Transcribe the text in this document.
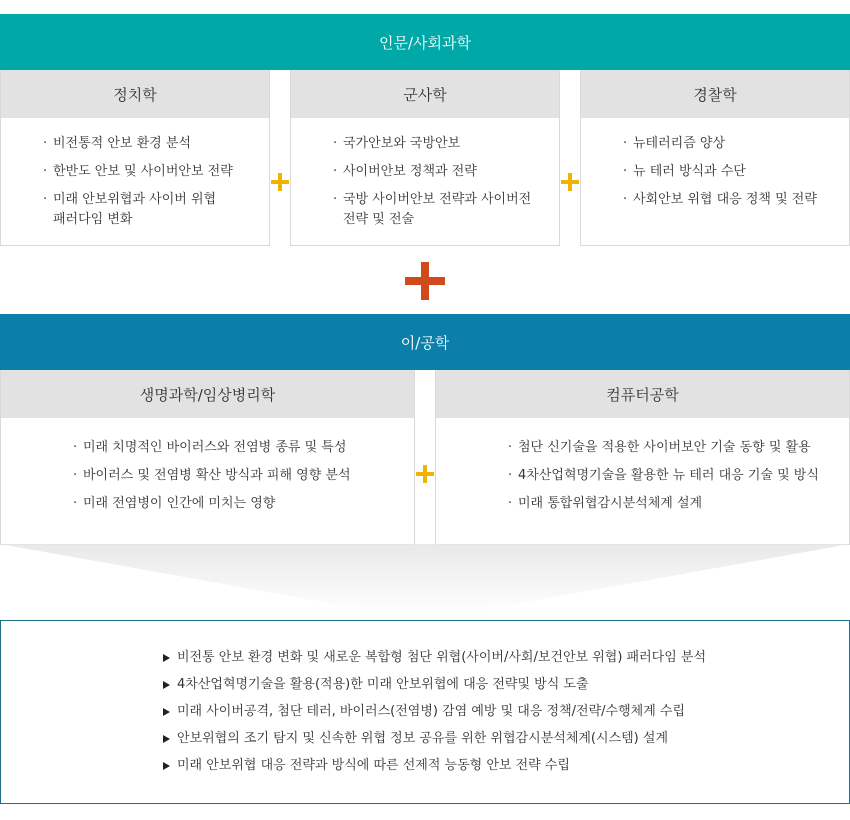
인문/사회과학
정치학
· 비전통적 안보 환경 분석
· 한반도 안보 및 사이버안보 전략
· 미래 안보위협과 사이버 위협
패러다임 변화
군사학
· 국가안보와 국방안보
· 사이버안보 정책과 전략
· 국방 사이버안보 전략과 사이버전
전략 및 전술
경찰학
· 뉴테러리즘 양상
· 뉴 테러 방식과 수단
· 사회안보 위협 대응 정책 및 전략
이/공학
생명과학/임상병리학
· 미래 치명적인 바이러스와 전염병 종류 및 특성
· 바이러스 및 전염병 확산 방식과 피해 영향 분석
· 미래 전염병이 인간에 미치는 영향
컴퓨터공학
· 첨단 신기술을 적용한 사이버보안 기술 동향 및 활용
· 4차산업혁명기술을 활용한 뉴 테러 대응 기술 및 방식
· 미래 통합위협감시분석체계 설계
비전통 안보 환경 변화 및 새로운 복합형 첨단 위협(사이버/사회/보건안보 위협) 패러다임 분석
4차산업혁명기술을 활용(적용)한 미래 안보위협에 대응 전략및 방식 도출
미래 사이버공격, 첨단 테러, 바이러스(전염병) 감염 예방 및 대응 정책/전략/수행체계 수립
안보위협의 조기 탐지 및 신속한 위협 정보 공유를 위한 위협감시분석체계(시스템) 설계
미래 안보위협 대응 전략과 방식에 따른 선제적 능동형 안보 전략 수립
